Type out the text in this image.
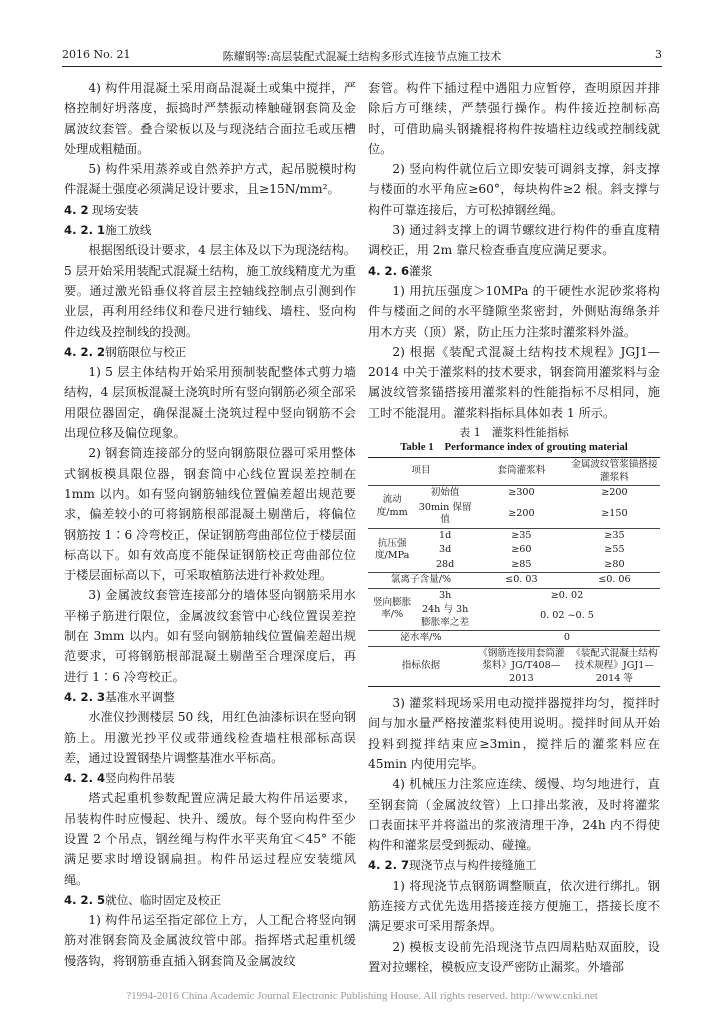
2016 No. 21	陈耀钢等:高层装配式混凝土结构多形式连接节点施工技术	3

4) 构件用混凝土采用商品混凝土或集中搅拌，严格控制好坍落度，振捣时严禁振动棒触碰钢套筒及金属波纹套管。叠合梁板以及与现浇结合面拉毛或压槽处理成粗糙面。

5) 构件采用蒸养或自然养护方式，起吊脱模时构件混凝土强度必须满足设计要求，且≥15N/mm²。

4. 2 现场安装
4. 2. 1施工放线

根据图纸设计要求，4 层主体及以下为现浇结构。5 层开始采用装配式混凝土结构，施工放线精度尤为重要。通过激光铅垂仪将首层主控轴线控制点引测到作业层，再利用经纬仪和卷尺进行轴线、墙柱、竖向构件边线及控制线的投测。

4. 2. 2钢筋限位与校正

1) 5 层主体结构开始采用预制装配整体式剪力墙结构，4 层顶板混凝土浇筑时所有竖向钢筋必须全部采用限位器固定，确保混凝土浇筑过程中竖向钢筋不会出现位移及偏位现象。

2) 钢套筒连接部分的竖向钢筋限位器可采用整体式钢板模具限位器，钢套筒中心线位置误差控制在 1mm 以内。如有竖向钢筋轴线位置偏差超出规范要求，偏差较小的可将钢筋根部混凝土剔凿后，将偏位钢筋按 1∶6 冷弯校正，保证钢筋弯曲部位位于楼层面标高以下。如有效高度不能保证钢筋校正弯曲部位位于楼层面标高以下，可采取植筋法进行补救处理。

3) 金属波纹套管连接部分的墙体竖向钢筋采用水平梯子筋进行限位，金属波纹套管中心线位置误差控制在 3mm 以内。如有竖向钢筋轴线位置偏差超出规范要求，可将钢筋根部混凝土剔凿至合理深度后，再进行 1∶6 冷弯校正。

4. 2. 3基准水平调整

水准仪抄测楼层 50 线，用红色油漆标识在竖向钢筋上。用激光抄平仪或带通线检查墙柱根部标高误差，通过设置钢垫片调整基准水平标高。

4. 2. 4竖向构件吊装

塔式起重机参数配置应满足最大构件吊运要求，吊装构件时应慢起、快升、缓放。每个竖向构件至少设置 2 个吊点，钢丝绳与构件水平夹角宜＜45° 不能满足要求时增设钢扁担。构件吊运过程应安装缆风绳。

4. 2. 5就位、临时固定及校正

1) 构件吊运至指定部位上方，人工配合将竖向钢筋对准钢套筒及金属波纹管中部。指挥塔式起重机缓慢落钩，将钢筋垂直插入钢套筒及金属波纹

套管。构件下插过程中遇阻力应暂停，查明原因并排除后方可继续，严禁强行操作。构件接近控制标高时，可借助扁头钢撬棍将构件按墙柱边线或控制线就位。

2) 竖向构件就位后立即安装可调斜支撑，斜支撑与楼面的水平角应≥60°，每块构件≥2 根。斜支撑与构件可靠连接后，方可松掉钢丝绳。

3) 通过斜支撑上的调节螺纹进行构件的垂直度精调校正，用 2m 靠尺检查垂直度应满足要求。

4. 2. 6灌浆

1) 用抗压强度＞10MPa 的干硬性水泥砂浆将构件与楼面之间的水平缝隙坐浆密封，外侧贴海绵条并用木方夹（顶）紧，防止压力注浆时灌浆料外溢。

2) 根据《装配式混凝土结构技术规程》JGJ1—2014 中关于灌浆料的技术要求，钢套筒用灌浆料与金属波纹管浆锚搭接用灌浆料的性能指标不尽相同，施工时不能混用。灌浆料指标具体如表 1 所示。

表 1　灌浆料性能指标
Table 1　Performance index of grouting material
项目		套筒灌浆料	金属波纹管浆锚搭接灌浆料
流动度/mm	初始值	≥300	≥200
	30min 保留值	≥200	≥150
抗压强度/MPa	1d	≥35	≥35
	3d	≥60	≥55
	28d	≥85	≥80
氯离子含量/%		≤0. 03	≤0. 06
竖向膨胀率/%	3h	≥0. 02	
	24h 与 3h 膨胀率之差	0. 02 ~0. 5	
泌水率/%		0	
指标依据		《钢筋连接用套筒灌浆料》JG/T408—2013	《装配式混凝土结构技术规程》JGJ1—2014 等

3) 灌浆料现场采用电动搅拌器搅拌均匀，搅拌时间与加水量严格按灌浆料使用说明。搅拌时间从开始投料到搅拌结束应≥3min，搅拌后的灌浆料应在 45min 内使用完毕。

4) 机械压力注浆应连续、缓慢、均匀地进行，直至钢套筒（金属波纹管）上口排出浆液，及时将灌浆口表面抹平并将溢出的浆液清理干净，24h 内不得使构件和灌浆层受到振动、碰撞。

4. 2. 7现浇节点与构件接缝施工

1) 将现浇节点钢筋调整顺直，依次进行绑扎。钢筋连接方式优先选用搭接连接方便施工，搭接长度不满足要求可采用帮条焊。

2) 模板支设前先沿现浇节点四周粘贴双面胶，设置对拉螺栓，模板应支设严密防止漏浆。外墙部

?1994-2016 China Academic Journal Electronic Publishing House. All rights reserved. http://www.cnki.net
